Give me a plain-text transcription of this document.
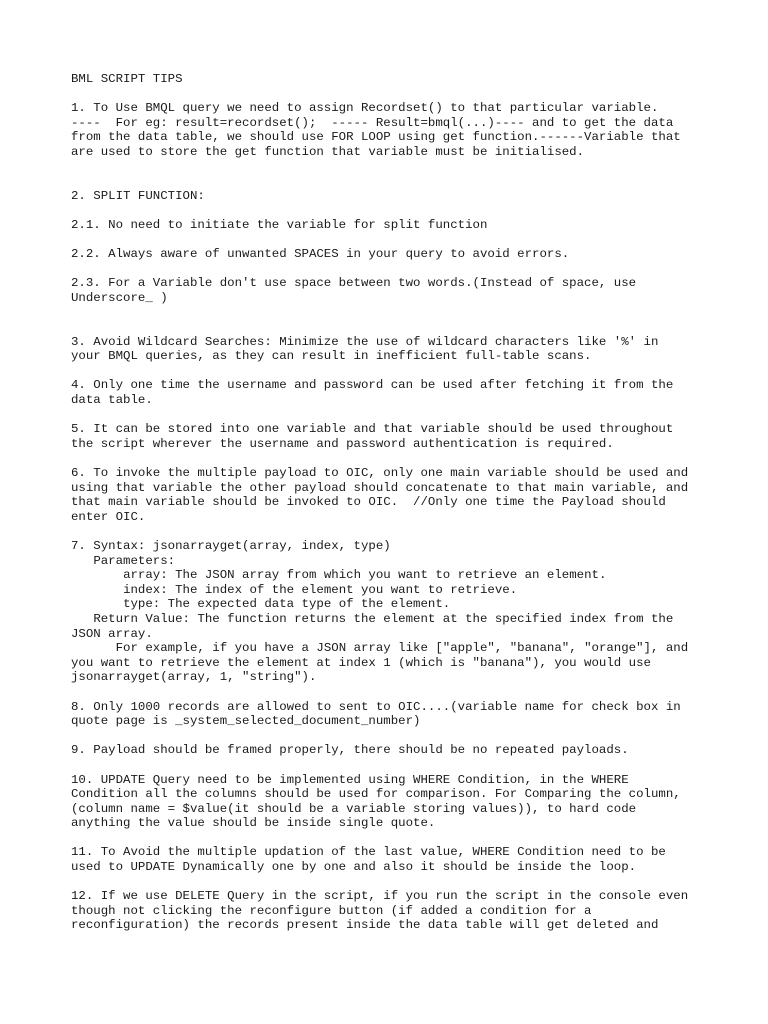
BML SCRIPT TIPS
1. To Use BMQL query we need to assign Recordset() to that particular variable.
----  For eg: result=recordset();  ----- Result=bmql(...)---- and to get the data
from the data table, we should use FOR LOOP using get function.------Variable that
are used to store the get function that variable must be initialised.
2. SPLIT FUNCTION:
2.1. No need to initiate the variable for split function
2.2. Always aware of unwanted SPACES in your query to avoid errors.
2.3. For a Variable don't use space between two words.(Instead of space, use
Underscore_ )
3. Avoid Wildcard Searches: Minimize the use of wildcard characters like '%' in
your BMQL queries, as they can result in inefficient full-table scans.
4. Only one time the username and password can be used after fetching it from the
data table.
5. It can be stored into one variable and that variable should be used throughout
the script wherever the username and password authentication is required.
6. To invoke the multiple payload to OIC, only one main variable should be used and
using that variable the other payload should concatenate to that main variable, and
that main variable should be invoked to OIC.  //Only one time the Payload should
enter OIC.
7. Syntax: jsonarrayget(array, index, type)
Parameters:
array: The JSON array from which you want to retrieve an element.
index: The index of the element you want to retrieve.
type: The expected data type of the element.
Return Value: The function returns the element at the specified index from the
JSON array.
For example, if you have a JSON array like ["apple", "banana", "orange"], and
you want to retrieve the element at index 1 (which is "banana"), you would use
jsonarrayget(array, 1, "string").
8. Only 1000 records are allowed to sent to OIC....(variable name for check box in
quote page is _system_selected_document_number)
9. Payload should be framed properly, there should be no repeated payloads.
10. UPDATE Query need to be implemented using WHERE Condition, in the WHERE
Condition all the columns should be used for comparison. For Comparing the column,
(column name = $value(it should be a variable storing values)), to hard code
anything the value should be inside single quote.
11. To Avoid the multiple updation of the last value, WHERE Condition need to be
used to UPDATE Dynamically one by one and also it should be inside the loop.
12. If we use DELETE Query in the script, if you run the script in the console even
though not clicking the reconfigure button (if added a condition for a
reconfiguration) the records present inside the data table will get deleted and
